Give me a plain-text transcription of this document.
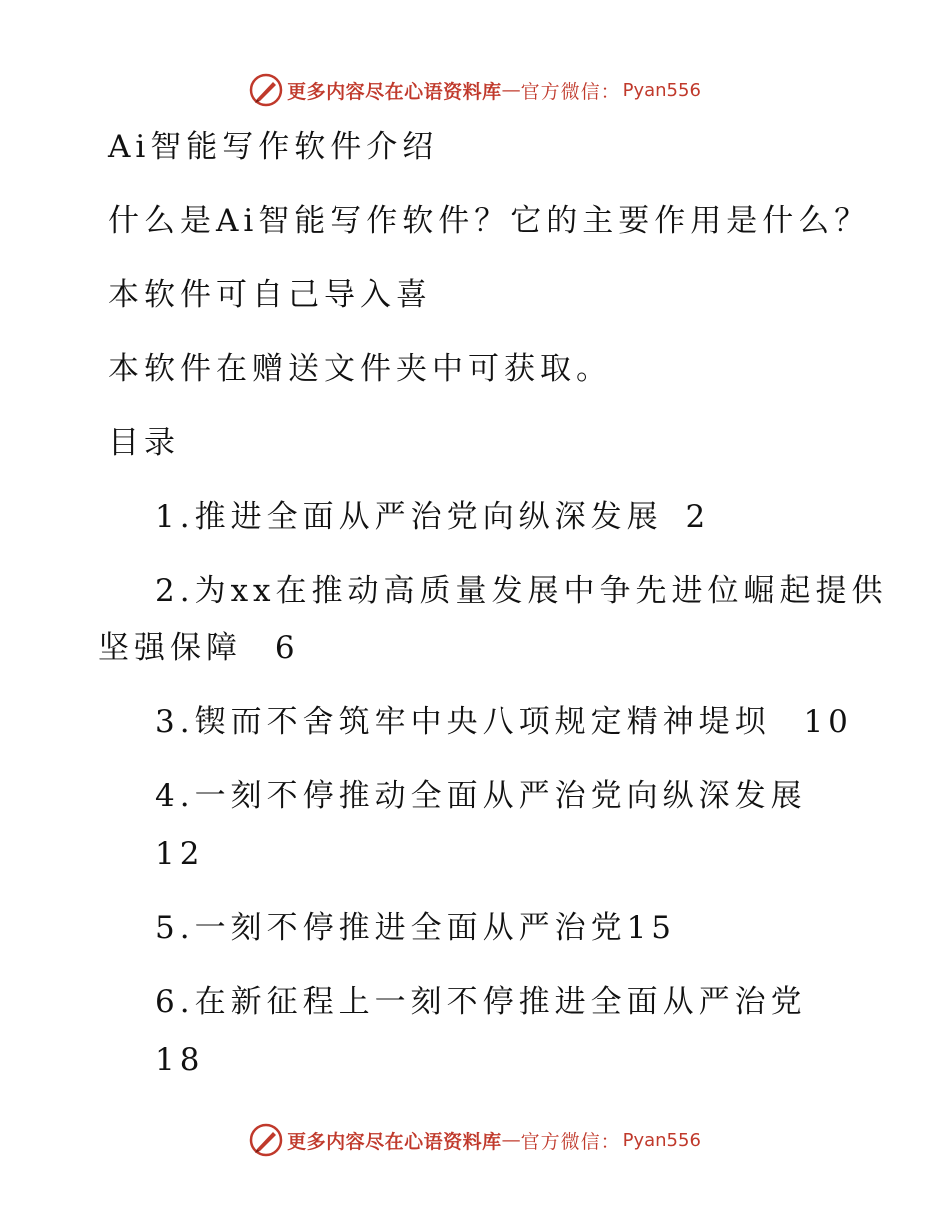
更多内容尽在心语资料库 — 官方微信： Pyan556
Ai智能写作软件介绍
什么是Ai智能写作软件？它的主要作用是什么？
本软件可自己导入喜
本软件在赠送文件夹中可获取。
目录
1.推进全面从严治党向纵深发展 2
2.为xx在推动高质量发展中争先进位崛起提供
坚强保障 6
3.锲而不舍筑牢中央八项规定精神堤坝 10
4.一刻不停推动全面从严治党向纵深发展
12
5.一刻不停推进全面从严治党15
6.在新征程上一刻不停推进全面从严治党
18
更多内容尽在心语资料库 — 官方微信： Pyan556
